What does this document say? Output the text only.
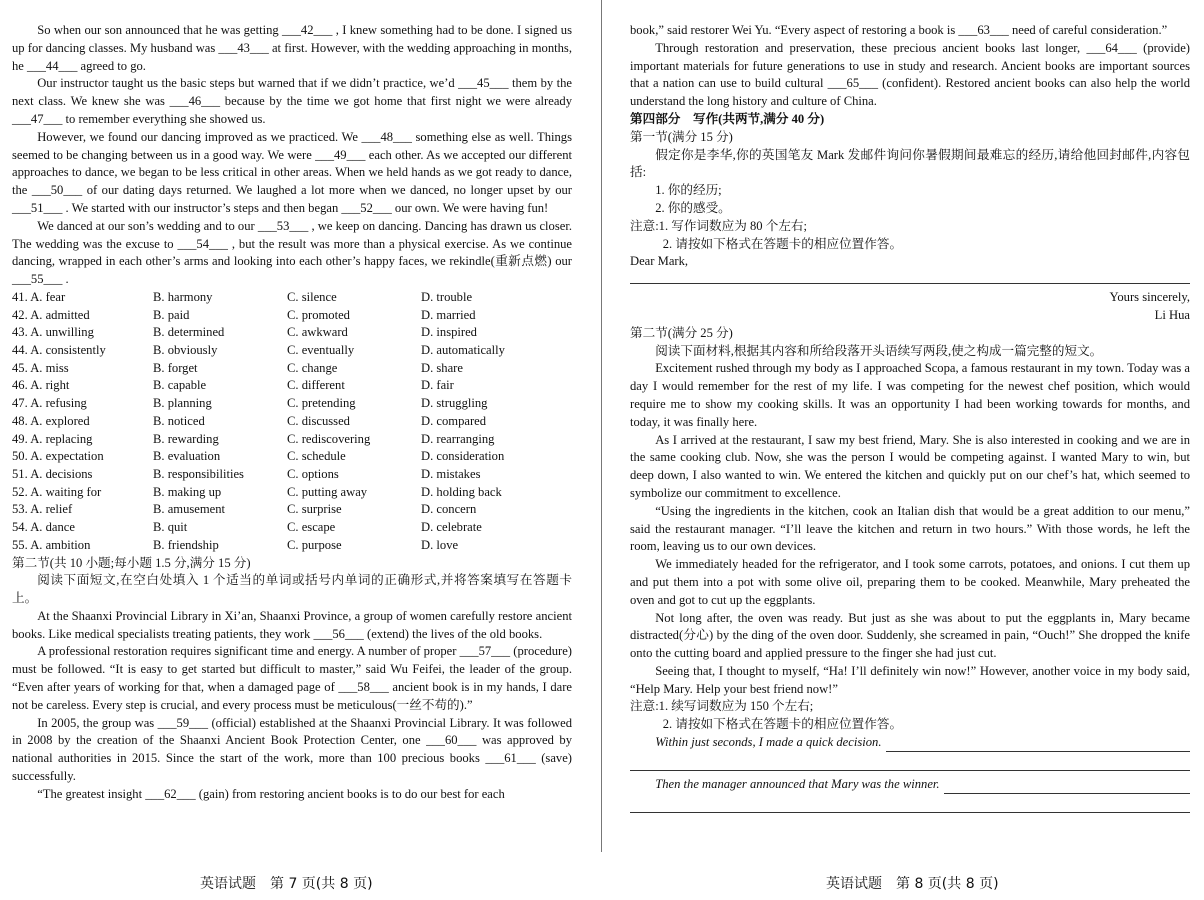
So when our son announced that he was getting ___42___ , I knew something had to be done. I signed us up for dancing classes. My husband was ___43___ at first. However, with the wedding approaching in months, he ___44___ agreed to go.

Our instructor taught us the basic steps but warned that if we didn’t practice, we’d ___45___ them by the next class. We knew she was ___46___ because by the time we got home that first night we were already ___47___ to remember everything she showed us.

However, we found our dancing improved as we practiced. We ___48___ something else as well. Things seemed to be changing between us in a good way. We were ___49___ each other. As we accepted our different approaches to dance, we began to be less critical in other areas. When we held hands as we got ready to dance, the ___50___ of our dating days returned. We laughed a lot more when we danced, no longer upset by our ___51___ . We started with our instructor’s steps and then began ___52___ our own. We were having fun!

We danced at our son’s wedding and to our ___53___ , we keep on dancing. Dancing has drawn us closer. The wedding was the excuse to ___54___ , but the result was more than a physical exercise. As we continue dancing, wrapped in each other’s arms and looking into each other’s happy faces, we rekindle(重新点燃) our ___55___ .

41. A. fear	B. harmony	C. silence	D. trouble
42. A. admitted	B. paid	C. promoted	D. married
43. A. unwilling	B. determined	C. awkward	D. inspired
44. A. consistently	B. obviously	C. eventually	D. automatically
45. A. miss	B. forget	C. change	D. share
46. A. right	B. capable	C. different	D. fair
47. A. refusing	B. planning	C. pretending	D. struggling
48. A. explored	B. noticed	C. discussed	D. compared
49. A. replacing	B. rewarding	C. rediscovering	D. rearranging
50. A. expectation	B. evaluation	C. schedule	D. consideration
51. A. decisions	B. responsibilities	C. options	D. mistakes
52. A. waiting for	B. making up	C. putting away	D. holding back
53. A. relief	B. amusement	C. surprise	D. concern
54. A. dance	B. quit	C. escape	D. celebrate
55. A. ambition	B. friendship	C. purpose	D. love

第二节(共 10 小题;每小题 1.5 分,满分 15 分)

阅读下面短文,在空白处填入 1 个适当的单词或括号内单词的正确形式,并将答案填写在答题卡上。

At the Shaanxi Provincial Library in Xi’an, Shaanxi Province, a group of women carefully restore ancient books. Like medical specialists treating patients, they work ___56___ (extend) the lives of the old books.

A professional restoration requires significant time and energy. A number of proper ___57___ (procedure) must be followed. “It is easy to get started but difficult to master,” said Wu Feifei, the leader of the group. “Even after years of working for that, when a damaged page of ___58___ ancient book is in my hands, I dare not be careless. Every step is crucial, and every process must be meticulous(一丝不苟的).”

In 2005, the group was ___59___ (official) established at the Shaanxi Provincial Library. It was followed in 2008 by the creation of the Shaanxi Ancient Book Protection Center, one ___60___ was approved by national authorities in 2015. Since the start of the work, more than 100 precious books ___61___ (save) successfully.

“The greatest insight ___62___ (gain) from restoring ancient books is to do our best for each

book,” said restorer Wei Yu. “Every aspect of restoring a book is ___63___ need of careful consideration.”

Through restoration and preservation, these precious ancient books last longer, ___64___ (provide) important materials for future generations to use in study and research. Ancient books are important sources that a nation can use to build cultural ___65___ (confident). Restored ancient books can also help the world understand the long history and culture of China.

第四部分　写作(共两节,满分 40 分)

第一节(满分 15 分)

假定你是李华,你的英国笔友 Mark 发邮件询问你暑假期间最难忘的经历,请给他回封邮件,内容包括:

1. 你的经历;

2. 你的感受。

注意:1. 写作词数应为 80 个左右;

2. 请按如下格式在答题卡的相应位置作答。

Dear Mark,

Yours sincerely,

Li Hua

第二节(满分 25 分)

阅读下面材料,根据其内容和所给段落开头语续写两段,使之构成一篇完整的短文。

Excitement rushed through my body as I approached Scopa, a famous restaurant in my town. Today was a day I would remember for the rest of my life. I was competing for the newest chef position, which would require me to show my cooking skills. It was an opportunity I had been working towards for months, and today, it was finally here.

As I arrived at the restaurant, I saw my best friend, Mary. She is also interested in cooking and we are in the same cooking club. Now, she was the person I would be competing against. I wanted Mary to win, but deep down, I also wanted to win. We entered the kitchen and quickly put on our chef’s hat, which seemed to symbolize our commitment to excellence.

“Using the ingredients in the kitchen, cook an Italian dish that would be a great addition to our menu,” said the restaurant manager. “I’ll leave the kitchen and return in two hours.” With those words, he left the room, leaving us to our own devices.

We immediately headed for the refrigerator, and I took some carrots, potatoes, and onions. I cut them up and put them into a pot with some olive oil, preparing them to be cooked. Meanwhile, Mary preheated the oven and got to cut up the eggplants.

Not long after, the oven was ready. But just as she was about to put the eggplants in, Mary became distracted(分心) by the ding of the oven door. Suddenly, she screamed in pain, “Ouch!” She dropped the knife onto the cutting board and applied pressure to the finger she had just cut.

Seeing that, I thought to myself, “Ha! I’ll definitely win now!” However, another voice in my body said, “Help Mary. Help your best friend now!”

注意:1. 续写词数应为 150 个左右;

2. 请按如下格式在答题卡的相应位置作答。

Within just seconds, I made a quick decision.
Then the manager announced that Mary was the winner.
英语试题　第 7 页(共 8 页)	英语试题　第 8 页(共 8 页)
